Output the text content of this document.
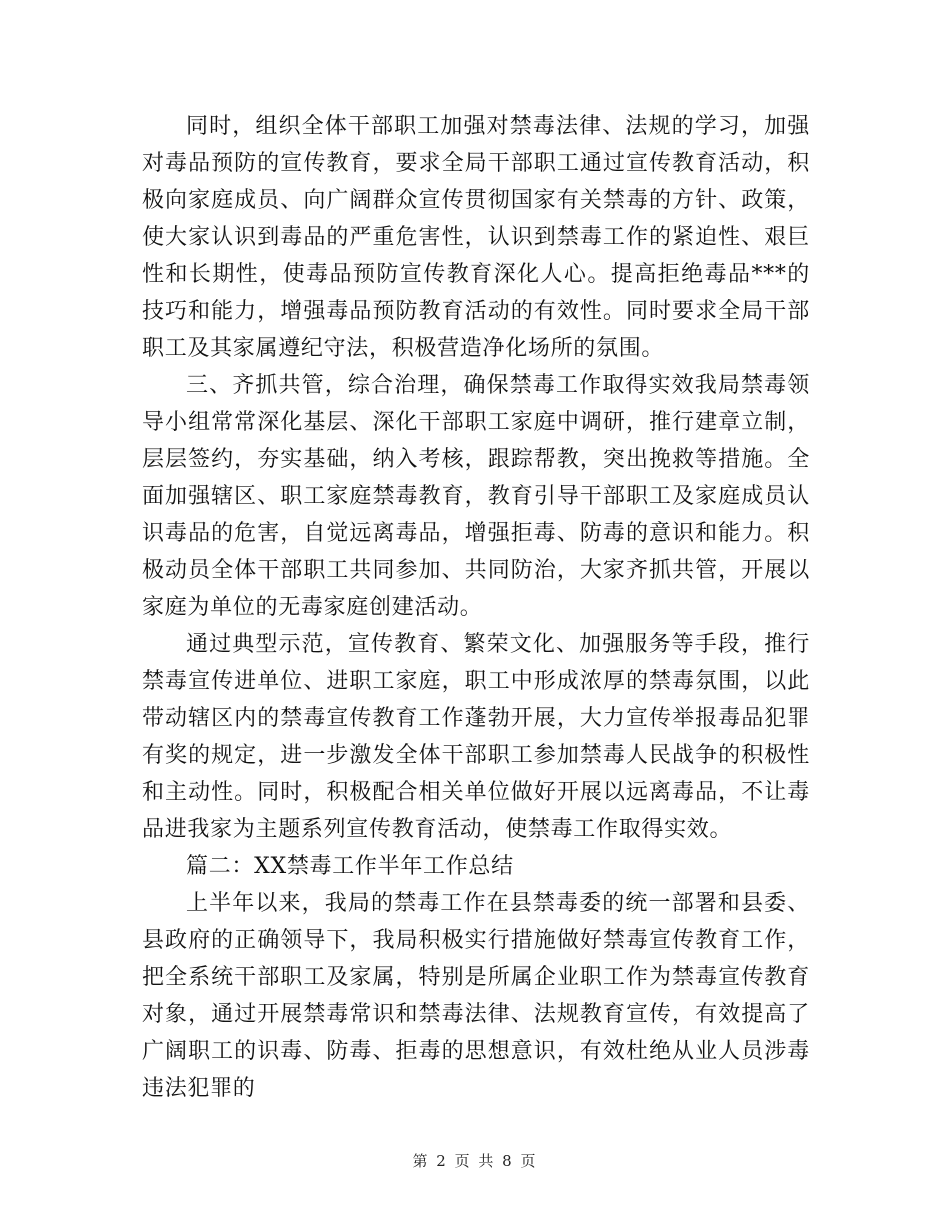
同时，组织全体干部职工加强对禁毒法律、法规的学习，加强对毒品预防的宣传教育，要求全局干部职工通过宣传教育活动，积极向家庭成员、向广阔群众宣传贯彻国家有关禁毒的方针、政策，使大家认识到毒品的严重危害性，认识到禁毒工作的紧迫性、艰巨性和长期性，使毒品预防宣传教育深化人心。提高拒绝毒品***的技巧和能力，增强毒品预防教育活动的有效性。同时要求全局干部职工及其家属遵纪守法，积极营造净化场所的氛围。

三、齐抓共管，综合治理，确保禁毒工作取得实效我局禁毒领导小组常常深化基层、深化干部职工家庭中调研，推行建章立制，层层签约，夯实基础，纳入考核，跟踪帮教，突出挽救等措施。全面加强辖区、职工家庭禁毒教育，教育引导干部职工及家庭成员认识毒品的危害，自觉远离毒品，增强拒毒、防毒的意识和能力。积极动员全体干部职工共同参加、共同防治，大家齐抓共管，开展以家庭为单位的无毒家庭创建活动。

通过典型示范，宣传教育、繁荣文化、加强服务等手段，推行禁毒宣传进单位、进职工家庭，职工中形成浓厚的禁毒氛围，以此带动辖区内的禁毒宣传教育工作蓬勃开展，大力宣传举报毒品犯罪有奖的规定，进一步激发全体干部职工参加禁毒人民战争的积极性和主动性。同时，积极配合相关单位做好开展以远离毒品，不让毒品进我家为主题系列宣传教育活动，使禁毒工作取得实效。

篇二：XX禁毒工作半年工作总结

上半年以来，我局的禁毒工作在县禁毒委的统一部署和县委、县政府的正确领导下，我局积极实行措施做好禁毒宣传教育工作，把全系统干部职工及家属，特别是所属企业职工作为禁毒宣传教育对象，通过开展禁毒常识和禁毒法律、法规教育宣传，有效提高了广阔职工的识毒、防毒、拒毒的思想意识，有效杜绝从业人员涉毒违法犯罪的

第 2 页 共 8 页
